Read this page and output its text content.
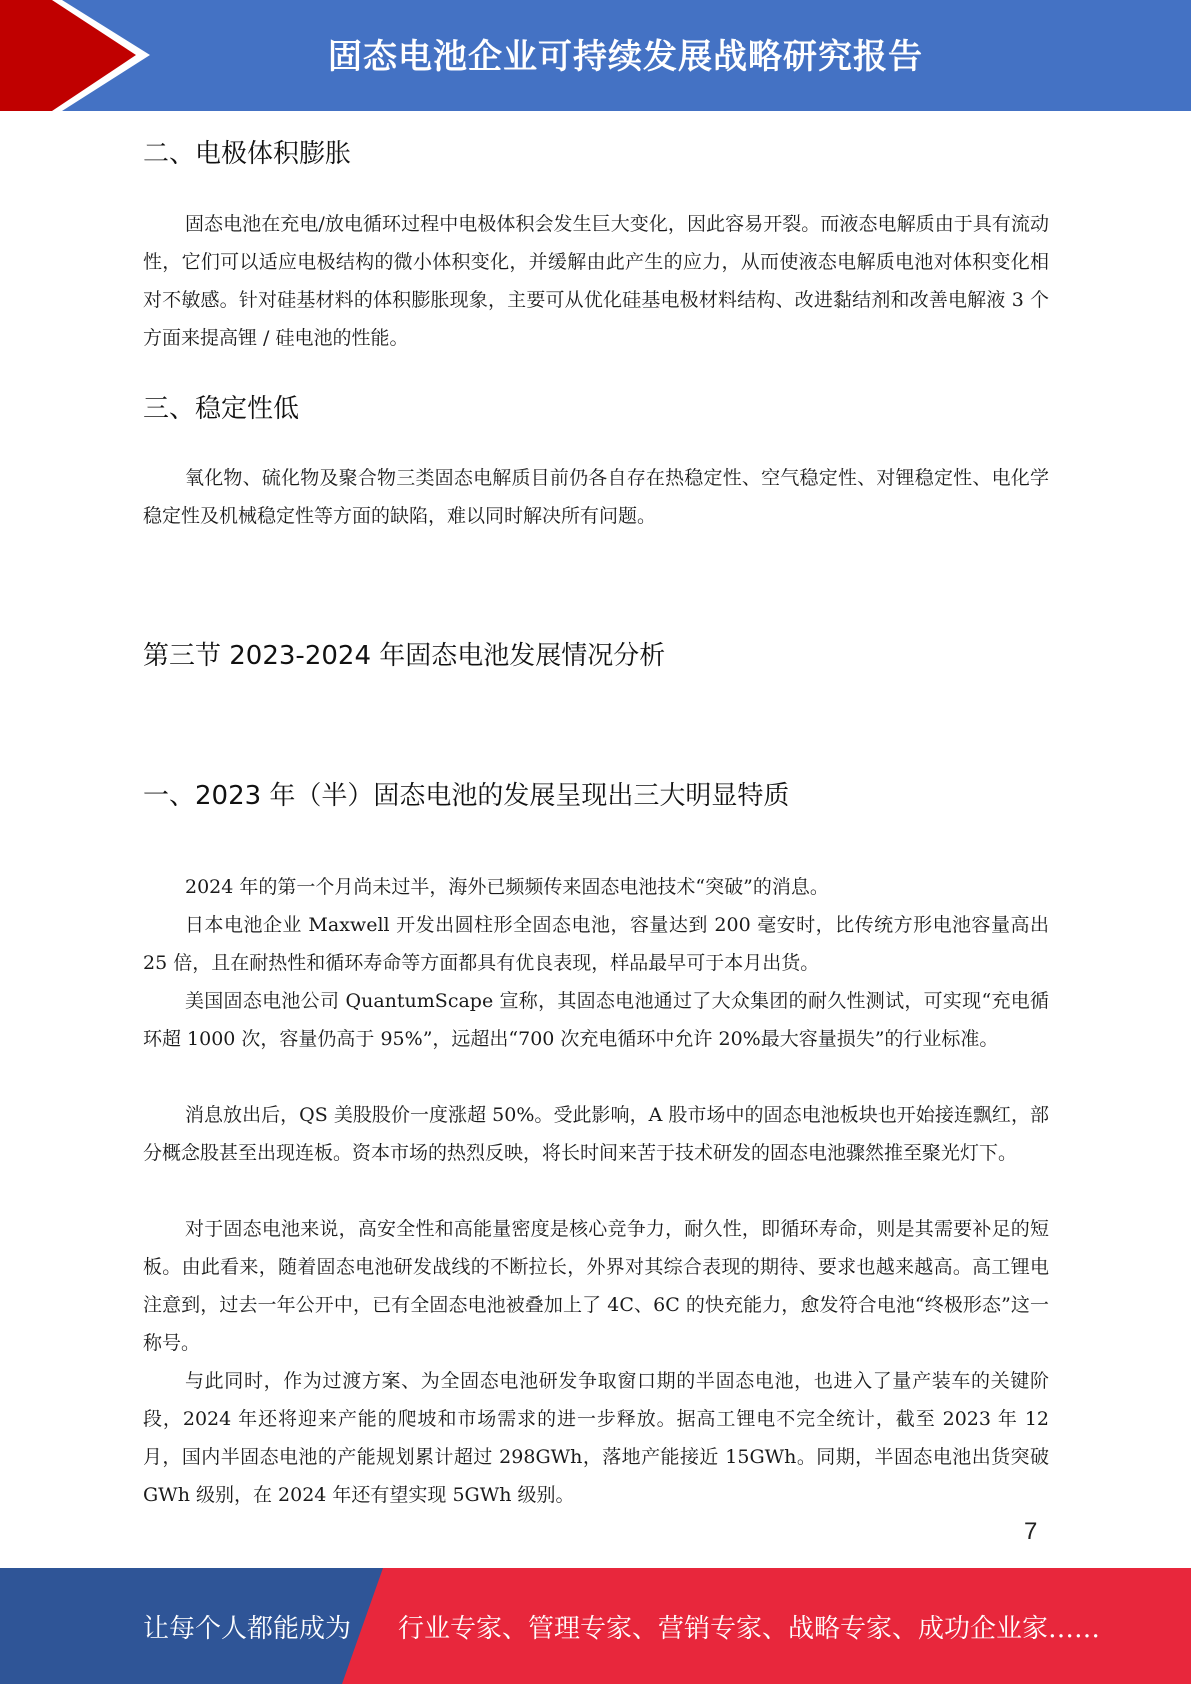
固态电池企业可持续发展战略研究报告
二、电极体积膨胀

固态电池在充电/放电循环过程中电极体积会发生巨大变化，因此容易开裂。而液态电解质由于具有流动性，它们可以适应电极结构的微小体积变化，并缓解由此产生的应力，从而使液态电解质电池对体积变化相对不敏感。针对硅基材料的体积膨胀现象，主要可从优化硅基电极材料结构、改进黏结剂和改善电解液 3 个方面来提高锂 / 硅电池的性能。

三、稳定性低

氧化物、硫化物及聚合物三类固态电解质目前仍各自存在热稳定性、空气稳定性、对锂稳定性、电化学稳定性及机械稳定性等方面的缺陷，难以同时解决所有问题。

第三节 2023-2024 年固态电池发展情况分析
一、2023 年（半）固态电池的发展呈现出三大明显特质

2024 年的第一个月尚未过半，海外已频频传来固态电池技术“突破”的消息。

日本电池企业 Maxwell 开发出圆柱形全固态电池，容量达到 200 毫安时，比传统方形电池容量高出 25 倍，且在耐热性和循环寿命等方面都具有优良表现，样品最早可于本月出货。

美国固态电池公司 QuantumScape 宣称，其固态电池通过了大众集团的耐久性测试，可实现“充电循环超 1000 次，容量仍高于 95%”，远超出“700 次充电循环中允许 20%最大容量损失”的行业标准。

消息放出后，QS 美股股价一度涨超 50%。受此影响，A 股市场中的固态电池板块也开始接连飘红，部分概念股甚至出现连板。资本市场的热烈反映，将长时间来苦于技术研发的固态电池骤然推至聚光灯下。

对于固态电池来说，高安全性和高能量密度是核心竞争力，耐久性，即循环寿命，则是其需要补足的短板。由此看来，随着固态电池研发战线的不断拉长，外界对其综合表现的期待、要求也越来越高。高工锂电注意到，过去一年公开中，已有全固态电池被叠加上了 4C、6C 的快充能力，愈发符合电池“终极形态”这一称号。

与此同时，作为过渡方案、为全固态电池研发争取窗口期的半固态电池，也进入了量产装车的关键阶段，2024 年还将迎来产能的爬坡和市场需求的进一步释放。据高工锂电不完全统计，截至 2023 年 12 月，国内半固态电池的产能规划累计超过 298GWh，落地产能接近 15GWh。同期，半固态电池出货突破 GWh 级别，在 2024 年还有望实现 5GWh 级别。

7
让每个人都能成为 行业专家、管理专家、营销专家、战略专家、成功企业家……
